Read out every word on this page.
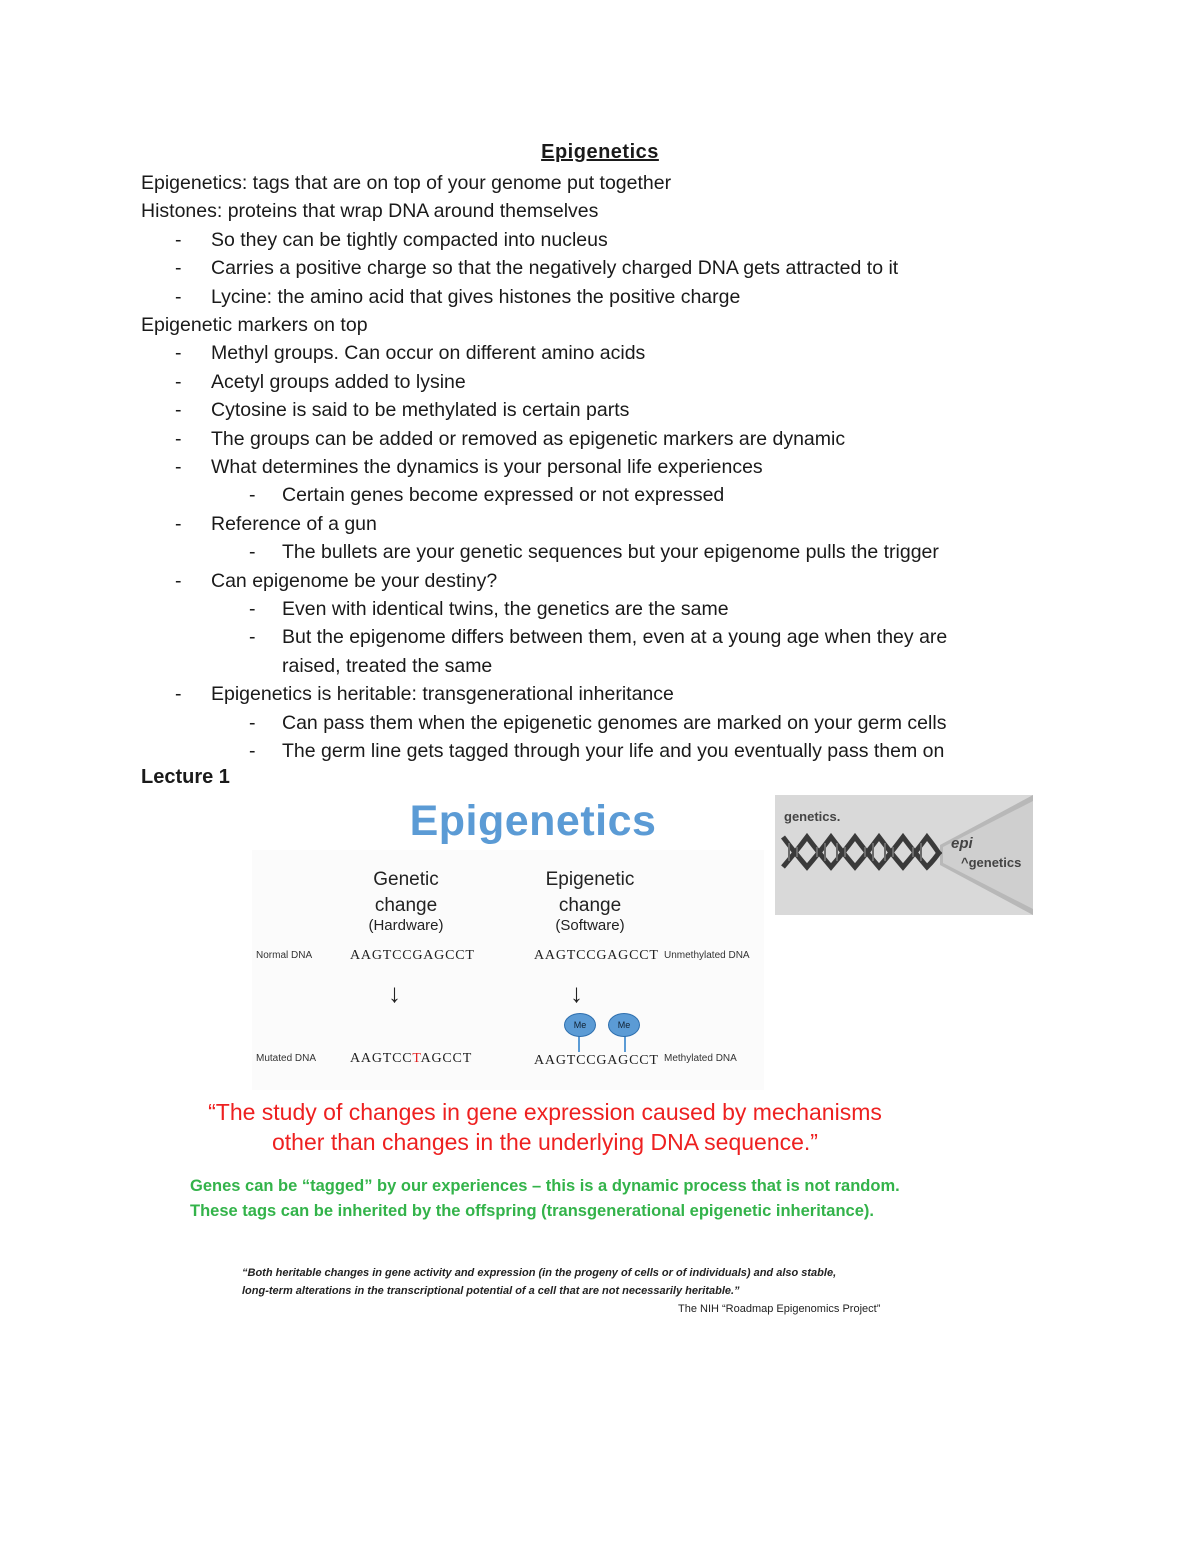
Epigenetics
Epigenetics: tags that are on top of your genome put together
Histones: proteins that wrap DNA around themselves
So they can be tightly compacted into nucleus
-
Carries a positive charge so that the negatively charged DNA gets attracted to it
-
Lycine: the amino acid that gives histones the positive charge
-
Epigenetic markers on top
Methyl groups. Can occur on different amino acids
-
Acetyl groups added to lysine
-
Cytosine is said to be methylated is certain parts
-
The groups can be added or removed as epigenetic markers are dynamic
-
What determines the dynamics is your personal life experiences
-
Certain genes become expressed or not expressed
-
Reference of a gun
-
The bullets are your genetic sequences but your epigenome pulls the trigger
-
Can epigenome be your destiny?
-
Even with identical twins, the genetics are the same
-
But the epigenome differs between them, even at a young age when they are
-
raised, treated the same
Epigenetics is heritable: transgenerational inheritance
-
Can pass them when the epigenetic genomes are marked on your germ cells
-
The germ line gets tagged through your life and you eventually pass them on
-
Lecture 1
Epigenetics
Genetic
change
(Hardware)
Epigenetic
change
(Software)
Normal DNA	AAGTCCGAGCCT	AAGTCCGAGCCT Unmethylated DNA
↓	↓
Me	Me
Mutated DNA AAGTCCTAGCCT	AAGTCCGAGCCT Methylated DNA
“The study of changes in gene expression caused by mechanisms
other than changes in the underlying DNA sequence.”
Genes can be “tagged” by our experiences – this is a dynamic process that is not random.
These tags can be inherited by the offspring (transgenerational epigenetic inheritance).
“Both heritable changes in gene activity and expression (in the progeny of cells or of individuals) and also stable,
long-term alterations in the transcriptional potential of a cell that are not necessarily heritable.”
The NIH “Roadmap Epigenomics Project”
genetics.
epi
^genetics
